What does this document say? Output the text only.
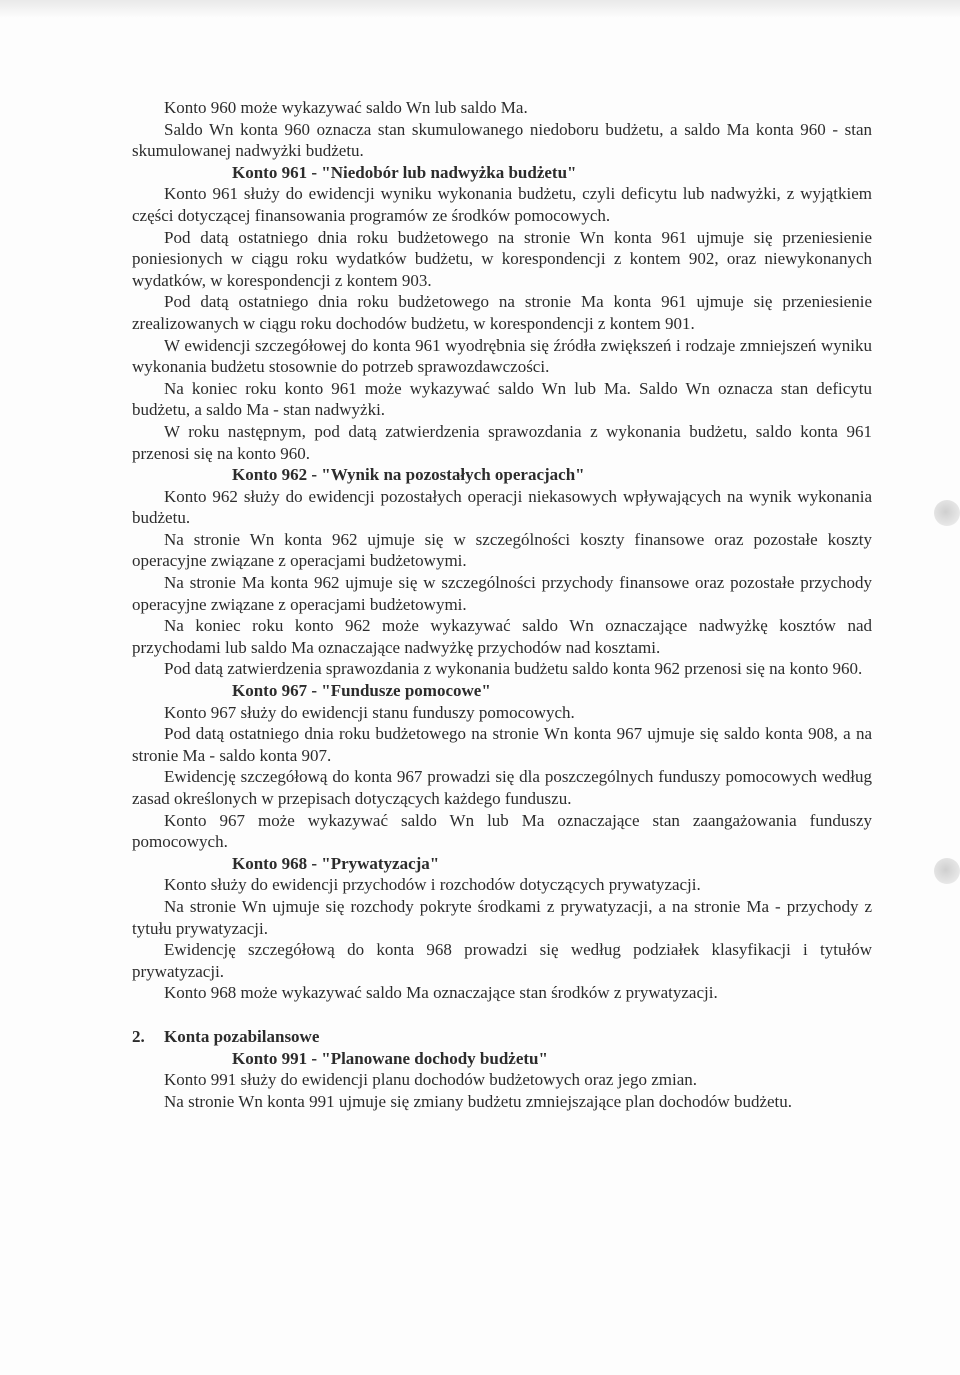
Konto 960 może wykazywać saldo Wn lub saldo Ma.

Saldo Wn konta 960 oznacza stan skumulowanego niedoboru budżetu, a saldo Ma konta 960 - stan skumulowanej nadwyżki budżetu.

Konto 961 - "Niedobór lub nadwyżka budżetu"

Konto 961 służy do ewidencji wyniku wykonania budżetu, czyli deficytu lub nadwyżki, z wyjątkiem części dotyczącej finansowania programów ze środków pomocowych.

Pod datą ostatniego dnia roku budżetowego na stronie Wn konta 961 ujmuje się przeniesienie poniesionych w ciągu roku wydatków budżetu, w korespondencji z kontem 902, oraz niewykonanych wydatków, w korespondencji z kontem 903.

Pod datą ostatniego dnia roku budżetowego na stronie Ma konta 961 ujmuje się przeniesienie zrealizowanych w ciągu roku dochodów budżetu, w korespondencji z kontem 901.

W ewidencji szczegółowej do konta 961 wyodrębnia się źródła zwiększeń i rodzaje zmniejszeń wyniku wykonania budżetu stosownie do potrzeb sprawozdawczości.

Na koniec roku konto 961 może wykazywać saldo Wn lub Ma. Saldo Wn oznacza stan deficytu budżetu, a saldo Ma - stan nadwyżki.

W roku następnym, pod datą zatwierdzenia sprawozdania z wykonania budżetu, saldo konta 961 przenosi się na konto 960.

Konto 962 - "Wynik na pozostałych operacjach"

Konto 962 służy do ewidencji pozostałych operacji niekasowych wpływających na wynik wykonania budżetu.

Na stronie Wn konta 962 ujmuje się w szczególności koszty finansowe oraz pozostałe koszty operacyjne związane z operacjami budżetowymi.

Na stronie Ma konta 962 ujmuje się w szczególności przychody finansowe oraz pozostałe przychody operacyjne związane z operacjami budżetowymi.

Na koniec roku konto 962 może wykazywać saldo Wn oznaczające nadwyżkę kosztów nad przychodami lub saldo Ma oznaczające nadwyżkę przychodów nad kosztami.

Pod datą zatwierdzenia sprawozdania z wykonania budżetu saldo konta 962 przenosi się na konto 960.

Konto 967 - "Fundusze pomocowe"

Konto 967 służy do ewidencji stanu funduszy pomocowych.

Pod datą ostatniego dnia roku budżetowego na stronie Wn konta 967 ujmuje się saldo konta 908, a na stronie Ma - saldo konta 907.

Ewidencję szczegółową do konta 967 prowadzi się dla poszczególnych funduszy pomocowych według zasad określonych w przepisach dotyczących każdego funduszu.

Konto 967 może wykazywać saldo Wn lub Ma oznaczające stan zaangażowania funduszy pomocowych.

Konto 968 - "Prywatyzacja"

Konto służy do ewidencji przychodów i rozchodów dotyczących prywatyzacji.

Na stronie Wn ujmuje się rozchody pokryte środkami z prywatyzacji, a na stronie Ma - przychody z tytułu prywatyzacji.

Ewidencję szczegółową do konta 968 prowadzi się według podziałek klasyfikacji i tytułów prywatyzacji.

Konto 968 może wykazywać saldo Ma oznaczające stan środków z prywatyzacji.

2.	Konta pozabilansowe

Konto 991 - "Planowane dochody budżetu"

Konto 991 służy do ewidencji planu dochodów budżetowych oraz jego zmian.

Na stronie Wn konta 991 ujmuje się zmiany budżetu zmniejszające plan dochodów budżetu.
